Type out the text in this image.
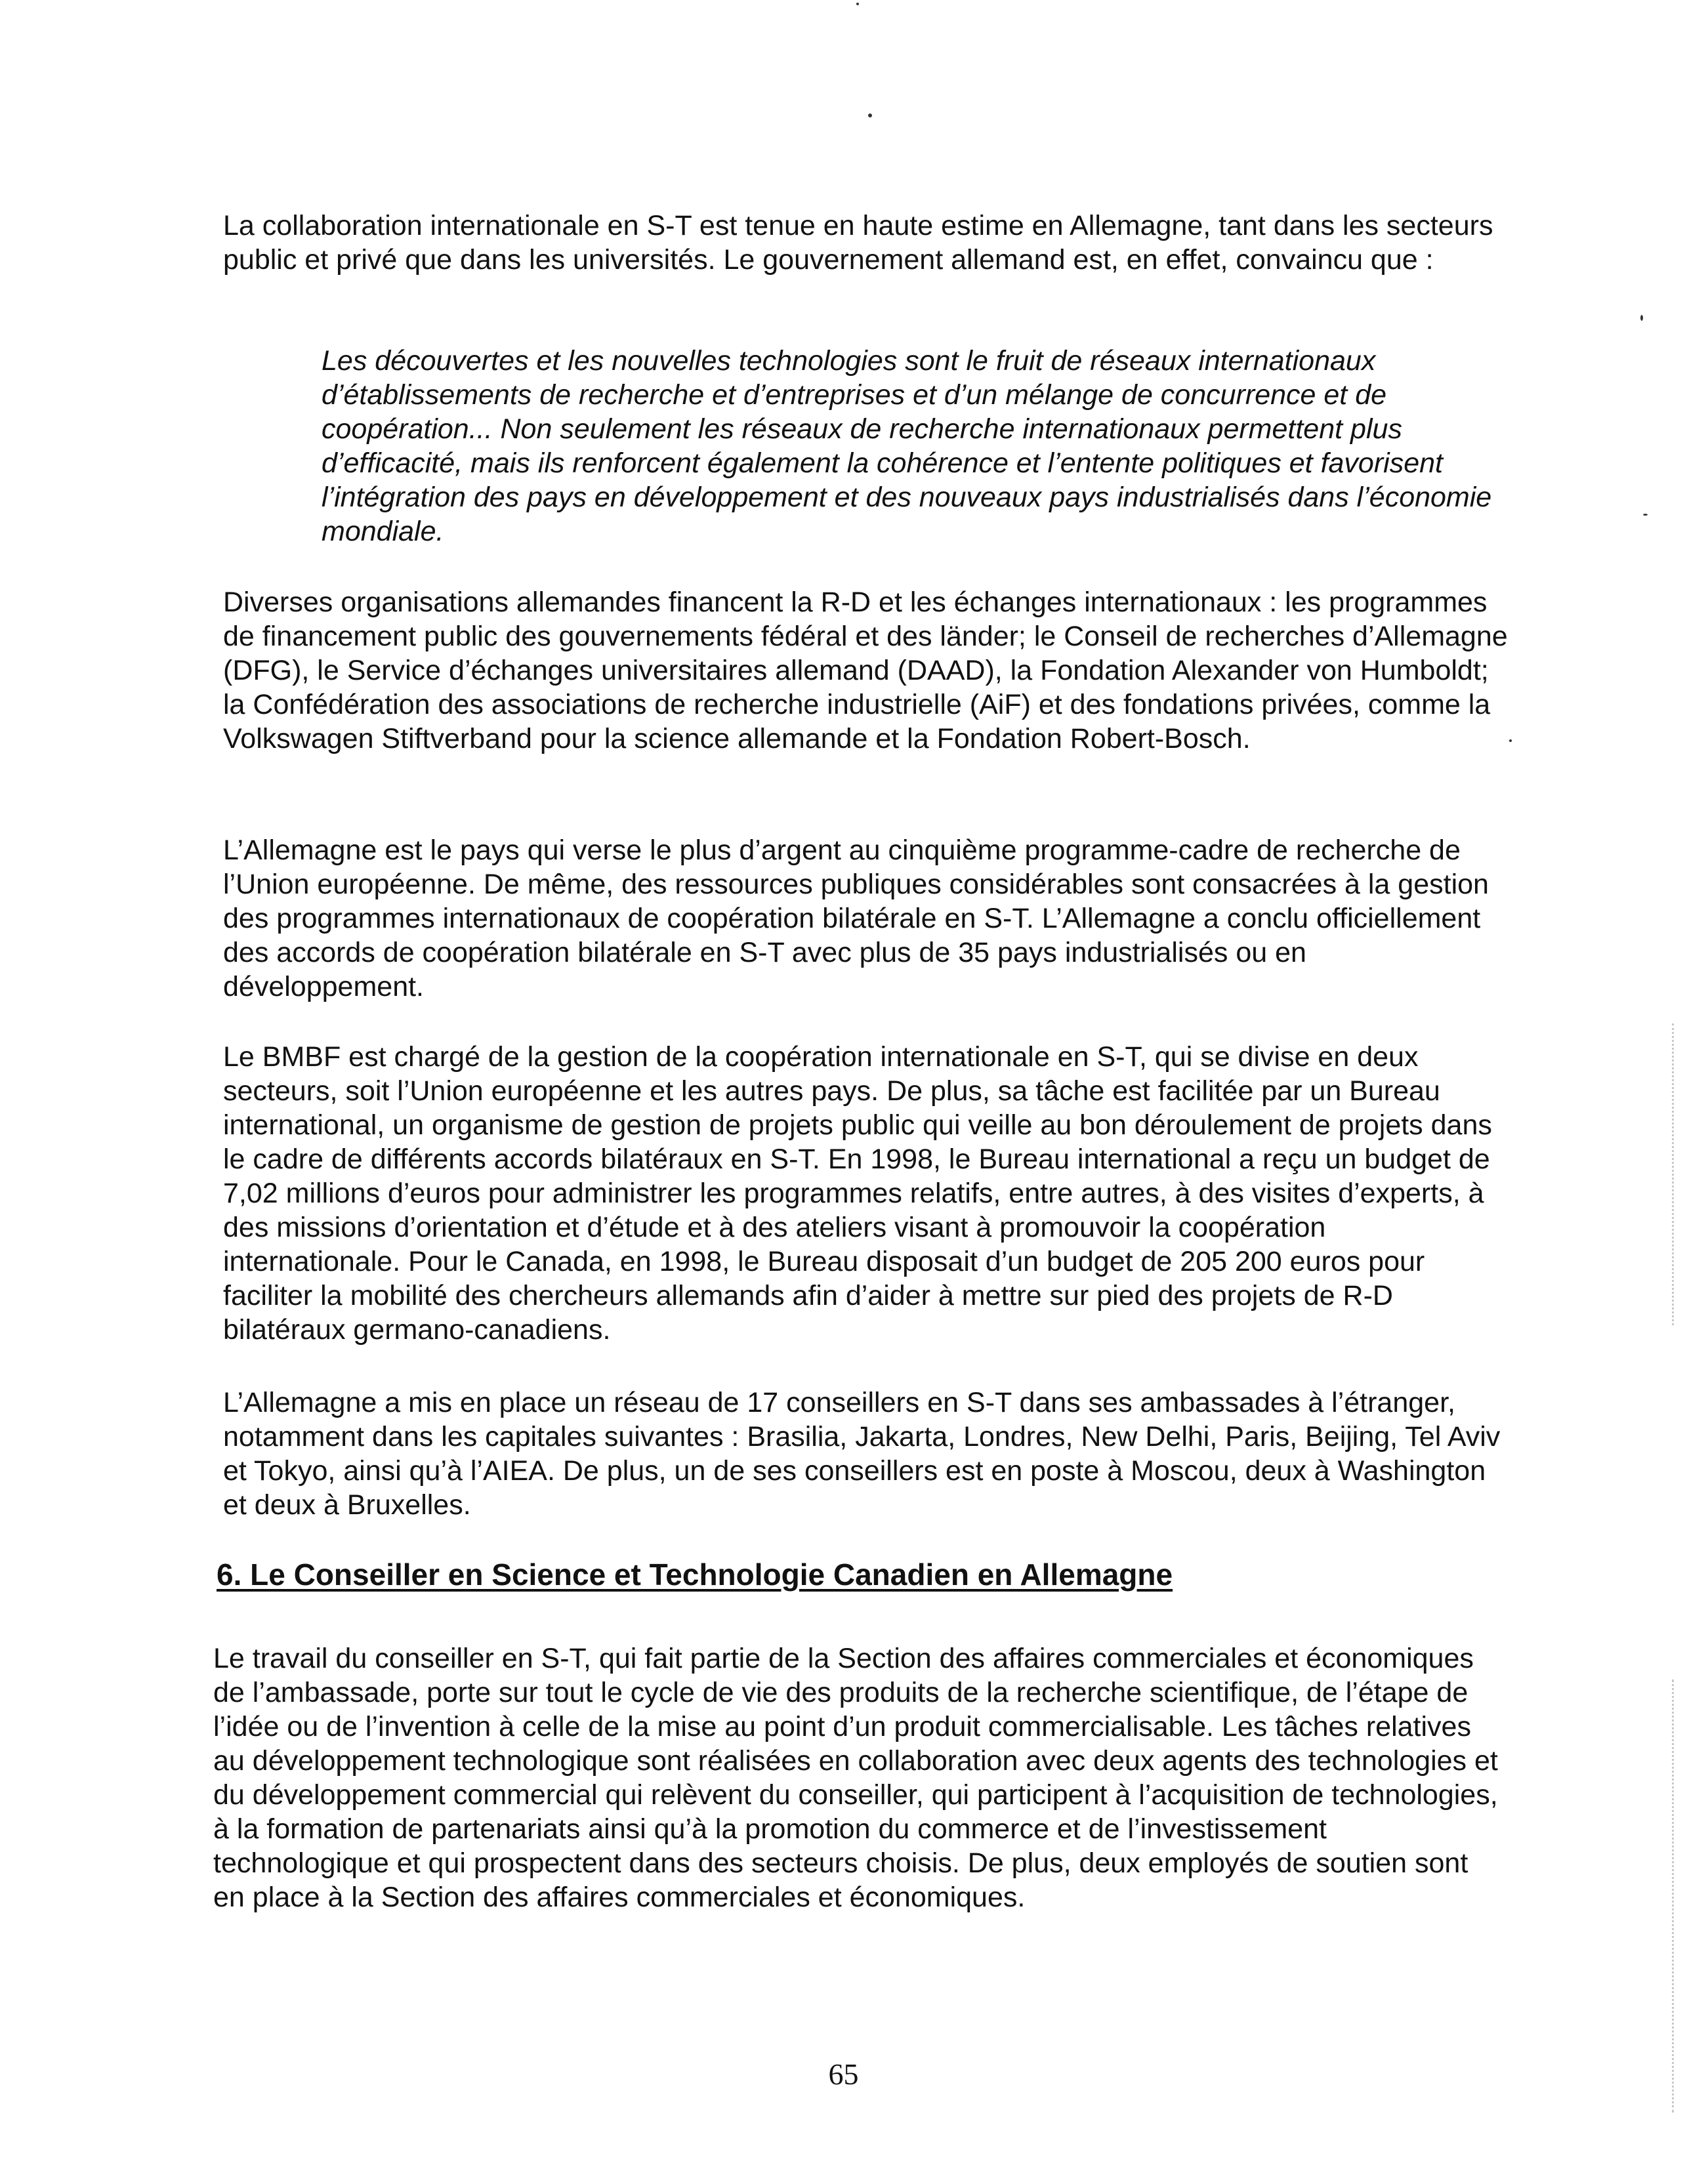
La collaboration internationale en S-T est tenue en haute estime en Allemagne, tant dans les secteurs public et privé que dans les universités. Le gouvernement allemand est, en effet, convaincu que :

Les découvertes et les nouvelles technologies sont le fruit de réseaux internationaux d’établissements de recherche et d’entreprises et d’un mélange de concurrence et de coopération... Non seulement les réseaux de recherche internationaux permettent plus d’efficacité, mais ils renforcent également la cohérence et l’entente politiques et favorisent l’intégration des pays en développement et des nouveaux pays industrialisés dans l’économie mondiale.

Diverses organisations allemandes financent la R-D et les échanges internationaux : les programmes de financement public des gouvernements fédéral et des länder; le Conseil de recherches d’Allemagne (DFG), le Service d’échanges universitaires allemand (DAAD), la Fondation Alexander von Humboldt; la Confédération des associations de recherche industrielle (AiF) et des fondations privées, comme la Volkswagen Stiftverband pour la science allemande et la Fondation Robert-Bosch.

L’Allemagne est le pays qui verse le plus d’argent au cinquième programme-cadre de recherche de l’Union européenne. De même, des ressources publiques considérables sont consacrées à la gestion des programmes internationaux de coopération bilatérale en S-T. L’Allemagne a conclu officiellement des accords de coopération bilatérale en S-T avec plus de 35 pays industrialisés ou en développement.

Le BMBF est chargé de la gestion de la coopération internationale en S-T, qui se divise en deux secteurs, soit l’Union européenne et les autres pays. De plus, sa tâche est facilitée par un Bureau international, un organisme de gestion de projets public qui veille au bon déroulement de projets dans le cadre de différents accords bilatéraux en S-T. En 1998, le Bureau international a reçu un budget de 7,02 millions d’euros pour administrer les programmes relatifs, entre autres, à des visites d’experts, à des missions d’orientation et d’étude et à des ateliers visant à promouvoir la coopération internationale. Pour le Canada, en 1998, le Bureau disposait d’un budget de 205 200 euros pour faciliter la mobilité des chercheurs allemands afin d’aider à mettre sur pied des projets de R-D bilatéraux germano-canadiens.

L’Allemagne a mis en place un réseau de 17 conseillers en S-T dans ses ambassades à l’étranger, notamment dans les capitales suivantes : Brasilia, Jakarta, Londres, New Delhi, Paris, Beijing, Tel Aviv et Tokyo, ainsi qu’à l’AIEA. De plus, un de ses conseillers est en poste à Moscou, deux à Washington et deux à Bruxelles.

6. Le Conseiller en Science et Technologie Canadien en Allemagne

Le travail du conseiller en S-T, qui fait partie de la Section des affaires commerciales et économiques de l’ambassade, porte sur tout le cycle de vie des produits de la recherche scientifique, de l’étape de l’idée ou de l’invention à celle de la mise au point d’un produit commercialisable. Les tâches relatives au développement technologique sont réalisées en collaboration avec deux agents des technologies et du développement commercial qui relèvent du conseiller, qui participent à l’acquisition de technologies, à la formation de partenariats ainsi qu’à la promotion du commerce et de l’investissement technologique et qui prospectent dans des secteurs choisis. De plus, deux employés de soutien sont en place à la Section des affaires commerciales et économiques.

65
